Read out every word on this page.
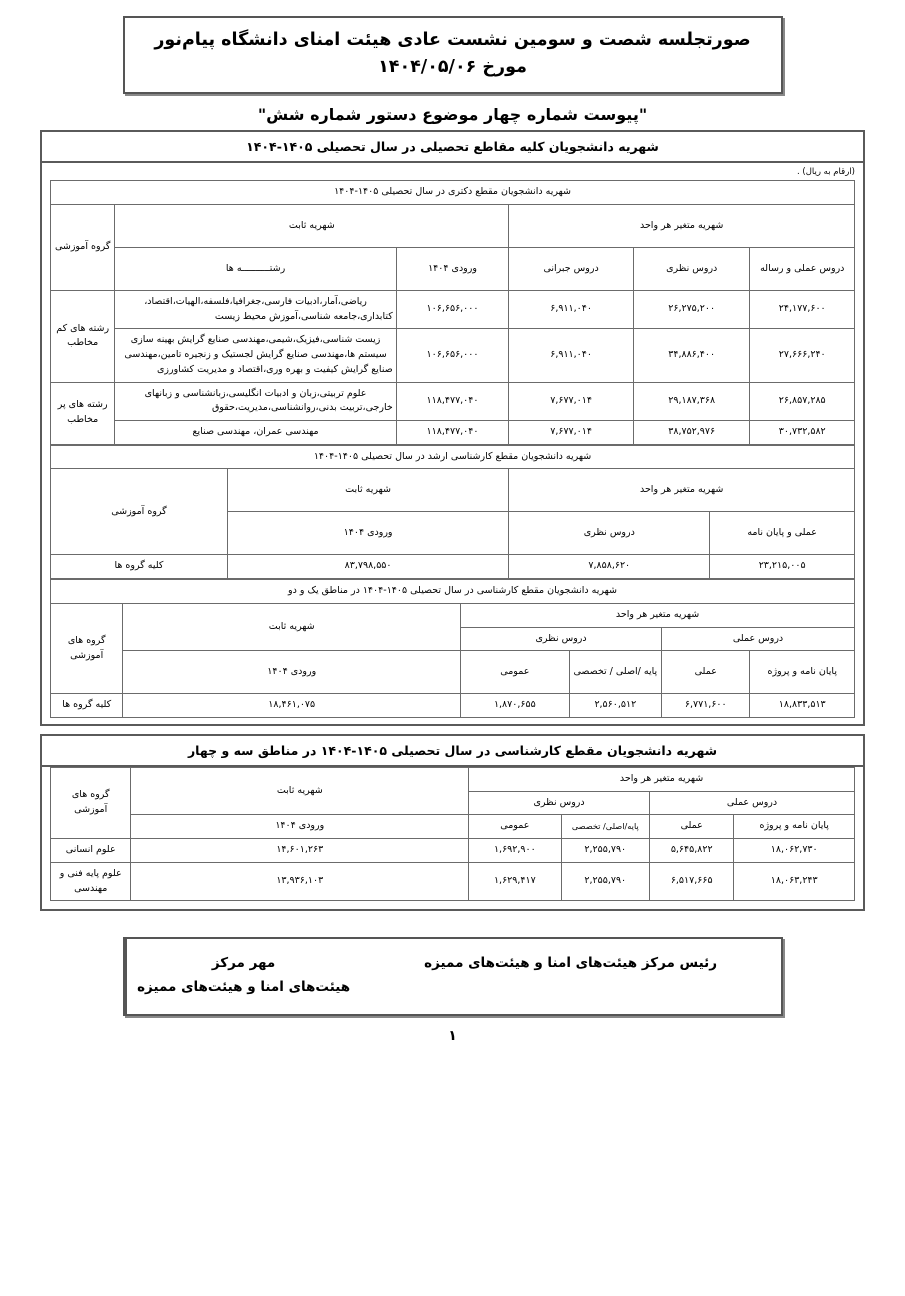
صورتجلسه شصت و سومین نشست عادی هیئت امنای دانشگاه پیام‌نور
مورخ ۱۴۰۴/۰۵/۰۶
"پیوست شماره چهار موضوع دستور شماره شش"
شهریه دانشجویان کلیه مقاطع تحصیلی در سال تحصیلی ۱۴۰۵-۱۴۰۴
(ارقام به ریال) .
شهریه دانشجویان مقطع دکتری در سال تحصیلی ۱۴۰۵-۱۴۰۴					
شهریه متغیر هر واحد			شهریه ثابت		گروه آموزشی
دروس عملی و رساله	دروس نظری	دروس جبرانی	ورودی ۱۴۰۴	رشتــــــــــه ها	
۲۴,۱۷۷,۶۰۰	۲۶,۲۷۵,۲۰۰	۶,۹۱۱,۰۴۰	۱۰۶,۶۵۶,۰۰۰	ریاضی،آمار،ادبیات فارسی،جغرافیا،فلسفه،الهیات،اقتصاد، کتابداری،جامعه شناسی،آموزش محیط زیست	رشته های کم مخاطب
۲۷,۶۶۶,۲۴۰	۳۴,۸۸۶,۴۰۰	۶,۹۱۱,۰۴۰	۱۰۶,۶۵۶,۰۰۰	زیست شناسی،فیزیک،شیمی،مهندسی صنایع گرایش بهینه سازی سیستم ها،مهندسی صنایع گرایش لجستیک و زنجیره تامین،مهندسی صنایع گرایش کیفیت و بهره وری،اقتصاد و مدیریت کشاورزی	
۲۶,۸۵۷,۲۸۵	۲۹,۱۸۷,۳۶۸	۷,۶۷۷,۰۱۴	۱۱۸,۴۷۷,۰۴۰	علوم تربیتی،زبان و ادبیات انگلیسی،زبانشناسی و زبانهای خارجی،تربیت بدنی،روانشناسی،مدیریت،حقوق	رشته های پر مخاطب
۳۰,۷۳۲,۵۸۲	۳۸,۷۵۲,۹۷۶	۷,۶۷۷,۰۱۴	۱۱۸,۴۷۷,۰۴۰	مهندسی عمران، مهندسی صنایع	
شهریه دانشجویان مقطع کارشناسی ارشد در سال تحصیلی ۱۴۰۵-۱۴۰۴			
شهریه متغیر هر واحد		شهریه ثابت	گروه آموزشی
عملی و پایان نامه	دروس نظری	ورودی ۱۴۰۴	
۲۳,۲۱۵,۰۰۵	۷,۸۵۸,۶۲۰	۸۳,۷۹۸,۵۵۰	کلیه گروه ها
شهریه دانشجویان مقطع کارشناسی در سال تحصیلی ۱۴۰۵-۱۴۰۴ در مناطق یک و دو					
شهریه متغیر هر واحد				شهریه ثابت	گروه های آموزشی
دروس عملی		دروس نظری			
پایان نامه و پروژه	عملی	پایه /اصلی / تخصصی	عمومی	ورودی ۱۴۰۴	
۱۸,۸۳۳,۵۱۳	۶,۷۷۱,۶۰۰	۲,۵۶۰,۵۱۲	۱,۸۷۰,۶۵۵	۱۸,۴۶۱,۰۷۵	کلیه گروه ها
شهریه دانشجویان مقطع کارشناسی در سال تحصیلی ۱۴۰۵-۱۴۰۴ در مناطق سه و چهار
شهریه متغیر هر واحد				شهریه ثابت	گروه های آموزشی
دروس عملی		دروس نظری			
پایان نامه و پروژه	عملی	پایه/اصلی/ تخصصی	عمومی	ورودی ۱۴۰۴	
۱۸,۰۶۲,۷۳۰	۵,۶۴۵,۸۲۲	۲,۲۵۵,۷۹۰	۱,۶۹۲,۹۰۰	۱۴,۶۰۱,۲۶۳	علوم انسانی
۱۸,۰۶۳,۲۴۳	۶,۵۱۷,۶۶۵	۲,۲۵۵,۷۹۰	۱,۶۲۹,۴۱۷	۱۳,۹۳۶,۱۰۳	علوم پایه فنی و مهندسی
رئیس مرکز هیئت‌های امنا و هیئت‌های ممیزه
مهر مرکز
هیئت‌های امنا و هیئت‌های ممیزه
۱
